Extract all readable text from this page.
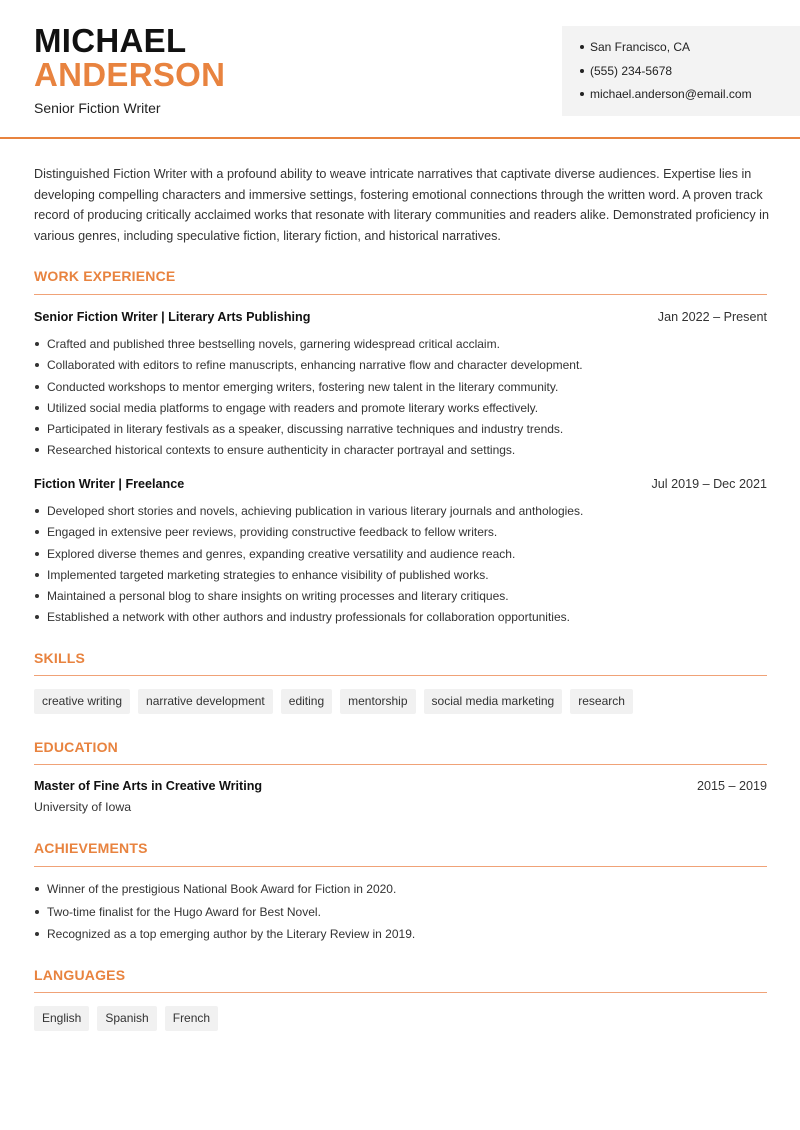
MICHAEL
ANDERSON
Senior Fiction Writer
San Francisco, CA
(555) 234-5678
michael.anderson@email.com

Distinguished Fiction Writer with a profound ability to weave intricate narratives that captivate diverse audiences. Expertise lies in developing compelling characters and immersive settings, fostering emotional connections through the written word. A proven track record of producing critically acclaimed works that resonate with literary communities and readers alike. Demonstrated proficiency in various genres, including speculative fiction, literary fiction, and historical narratives.

WORK EXPERIENCE
Senior Fiction Writer | Literary Arts Publishing	Jan 2022 – Present
Crafted and published three bestselling novels, garnering widespread critical acclaim.
Collaborated with editors to refine manuscripts, enhancing narrative flow and character development.
Conducted workshops to mentor emerging writers, fostering new talent in the literary community.
Utilized social media platforms to engage with readers and promote literary works effectively.
Participated in literary festivals as a speaker, discussing narrative techniques and industry trends.
Researched historical contexts to ensure authenticity in character portrayal and settings.
Fiction Writer | Freelance	Jul 2019 – Dec 2021
Developed short stories and novels, achieving publication in various literary journals and anthologies.
Engaged in extensive peer reviews, providing constructive feedback to fellow writers.
Explored diverse themes and genres, expanding creative versatility and audience reach.
Implemented targeted marketing strategies to enhance visibility of published works.
Maintained a personal blog to share insights on writing processes and literary critiques.
Established a network with other authors and industry professionals for collaboration opportunities.
SKILLS
creative writing	narrative development	editing	mentorship	social media marketing	research
EDUCATION
Master of Fine Arts in Creative Writing	2015 – 2019
University of Iowa
ACHIEVEMENTS
Winner of the prestigious National Book Award for Fiction in 2020.
Two-time finalist for the Hugo Award for Best Novel.
Recognized as a top emerging author by the Literary Review in 2019.
LANGUAGES
English	Spanish	French
